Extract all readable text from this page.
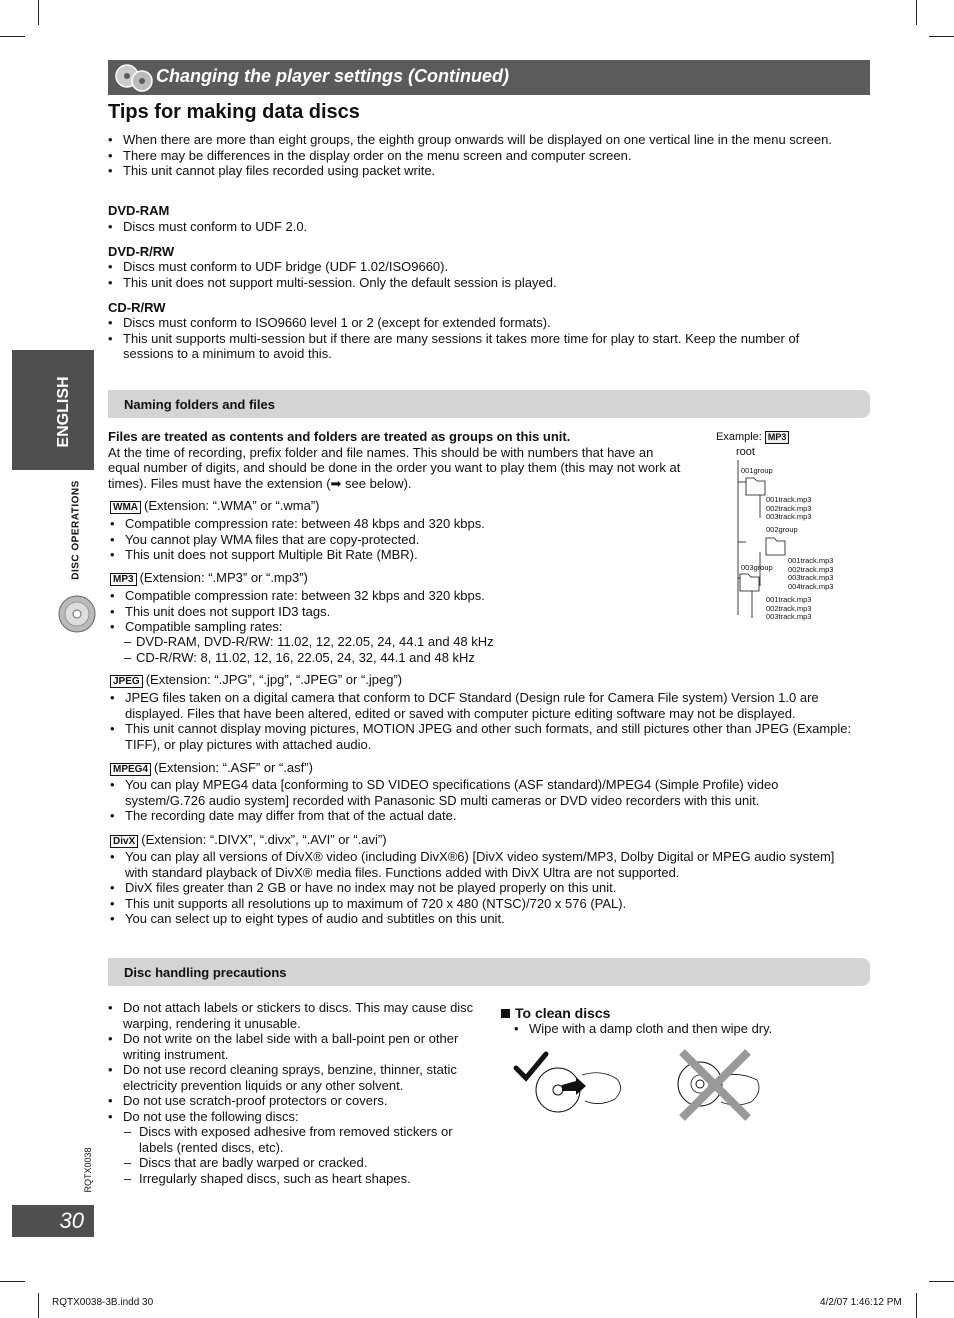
Changing the player settings (Continued)
Tips for making data discs
• When there are more than eight groups, the eighth group onwards will be displayed on one vertical line in the menu screen.
• There may be differences in the display order on the menu screen and computer screen.
• This unit cannot play files recorded using packet write.
DVD-RAM
• Discs must conform to UDF 2.0.
DVD-R/RW
• Discs must conform to UDF bridge (UDF 1.02/ISO9660).
• This unit does not support multi-session. Only the default session is played.
CD-R/RW
• Discs must conform to ISO9660 level 1 or 2 (except for extended formats).
• This unit supports multi-session but if there are many sessions it takes more time for play to start. Keep the number of sessions to a minimum to avoid this.
Naming folders and files
Files are treated as contents and folders are treated as groups on this unit.
At the time of recording, prefix folder and file names. This should be with numbers that have an equal number of digits, and should be done in the order you want to play them (this may not work at times). Files must have the extension (➡ see below).
Example: MP3
root
001group
001track.mp3
002track.mp3
003track.mp3
002group
001track.mp3
002track.mp3
003track.mp3
004track.mp3
003group
001track.mp3
002track.mp3
003track.mp3
WMA (Extension: “.WMA” or “.wma”)
• Compatible compression rate: between 48 kbps and 320 kbps.
• You cannot play WMA files that are copy-protected.
• This unit does not support Multiple Bit Rate (MBR).
MP3 (Extension: “.MP3” or “.mp3”)
• Compatible compression rate: between 32 kbps and 320 kbps.
• This unit does not support ID3 tags.
• Compatible sampling rates:
– DVD-RAM, DVD-R/RW: 11.02, 12, 22.05, 24, 44.1 and 48 kHz
– CD-R/RW: 8, 11.02, 12, 16, 22.05, 24, 32, 44.1 and 48 kHz
JPEG (Extension: “.JPG”, “.jpg”, “.JPEG” or “.jpeg”)
• JPEG files taken on a digital camera that conform to DCF Standard (Design rule for Camera File system) Version 1.0 are displayed. Files that have been altered, edited or saved with computer picture editing software may not be displayed.
• This unit cannot display moving pictures, MOTION JPEG and other such formats, and still pictures other than JPEG (Example: TIFF), or play pictures with attached audio.
MPEG4 (Extension: “.ASF” or “.asf”)
• You can play MPEG4 data [conforming to SD VIDEO specifications (ASF standard)/MPEG4 (Simple Profile) video system/G.726 audio system] recorded with Panasonic SD multi cameras or DVD video recorders with this unit.
• The recording date may differ from that of the actual date.
DivX (Extension: “.DIVX”, “.divx”, “.AVI” or “.avi”)
• You can play all versions of DivX® video (including DivX®6) [DivX video system/MP3, Dolby Digital or MPEG audio system] with standard playback of DivX® media files. Functions added with DivX Ultra are not supported.
• DivX files greater than 2 GB or have no index may not be played properly on this unit.
• This unit supports all resolutions up to maximum of 720 x 480 (NTSC)/720 x 576 (PAL).
• You can select up to eight types of audio and subtitles on this unit.
Disc handling precautions
• Do not attach labels or stickers to discs. This may cause disc warping, rendering it unusable.
• Do not write on the label side with a ball-point pen or other writing instrument.
• Do not use record cleaning sprays, benzine, thinner, static electricity prevention liquids or any other solvent.
• Do not use scratch-proof protectors or covers.
• Do not use the following discs:
– Discs with exposed adhesive from removed stickers or labels (rented discs, etc).
– Discs that are badly warped or cracked.
– Irregularly shaped discs, such as heart shapes.
To clean discs
• Wipe with a damp cloth and then wipe dry.
ENGLISH
DISC OPERATIONS
RQTX0038
30
RQTX0038-3B.indd 30	4/2/07 1:46:12 PM
